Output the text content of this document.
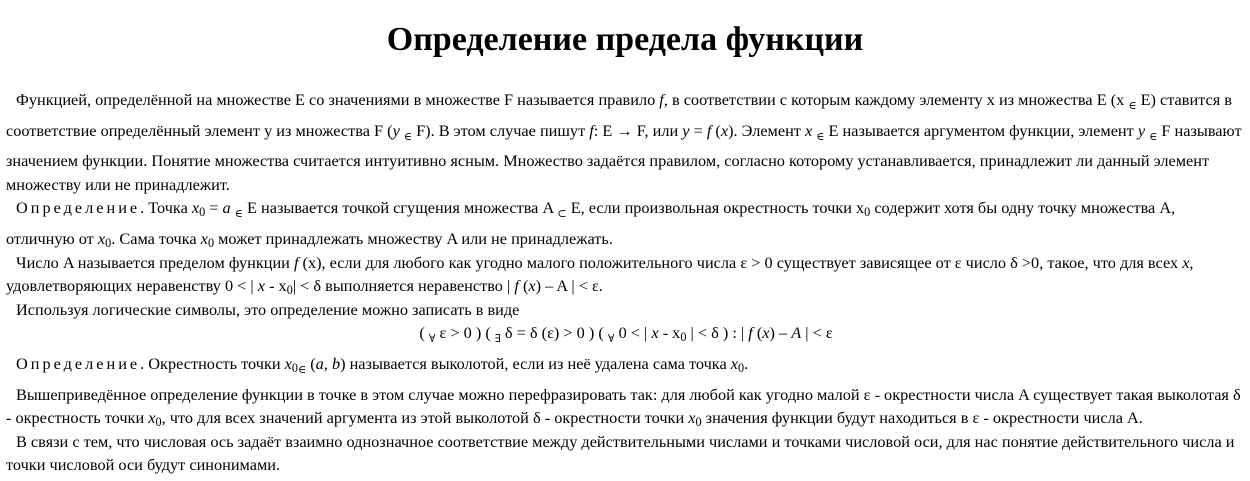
Определение предела функции

Функцией, определённой на множестве E со значениями в множестве F называется правило f, в соответствии с которым каждому элементу x из множества E (x $_\in$ E) ставится в соответствие определённый элемент y из множества F (y $_\in$ F). В этом случае пишут f: E → F, или y = f (x). Элемент x $_\in$ E называется аргументом функции, элемент y $_\in$ F называют значением функции. Понятие множества считается интуитивно ясным. Множество задаётся правилом, согласно которому устанавливается, принадлежит ли данный элемент множеству или не принадлежит.

Определение. Точка $x_0 = a$ $_\in$ E называется точкой сгущения множества A $_\subset$ E, если произвольная окрестность точки $x_0$ содержит хотя бы одну точку множества A, отличную от $x_0$. Сама точка $x_0$ может принадлежать множеству A или не принадлежать.

Число A называется пределом функции f (x), если для любого как угодно малого положительного числа ε > 0 существует зависящее от ε число δ >0, такое, что для всех x, удовлетворяющих неравенству 0 < | $x - x_0| < \delta$ выполняется неравенство | f (x) – A | < ε.

Используя логические символы, это определение можно записать в виде

( $_\forall$ ε > 0 ) ( $_\exists$ δ = δ (ε) > 0 ) ( $_\forall$ 0 < | x - $x_0$ | < δ ) : | f (x) – A | < ε

Определение. Окрестность точки $x_{0\in}$ (a, b) называется выколотой, если из неё удалена сама точка $x_0$.

Вышеприведённое определение функции в точке в этом случае можно перефразировать так: для любой как угодно малой ε - окрестности числа A существует такая выколотая δ - окрестность точки $x_0$, что для всех значений аргумента из этой выколотой δ - окрестности точки $x_0$ значения функции будут находиться в ε - окрестности числа A.

В связи с тем, что числовая ось задаёт взаимно однозначное соответствие между действительными числами и точками числовой оси, для нас понятие действительного числа и точки числовой оси будут синонимами.
